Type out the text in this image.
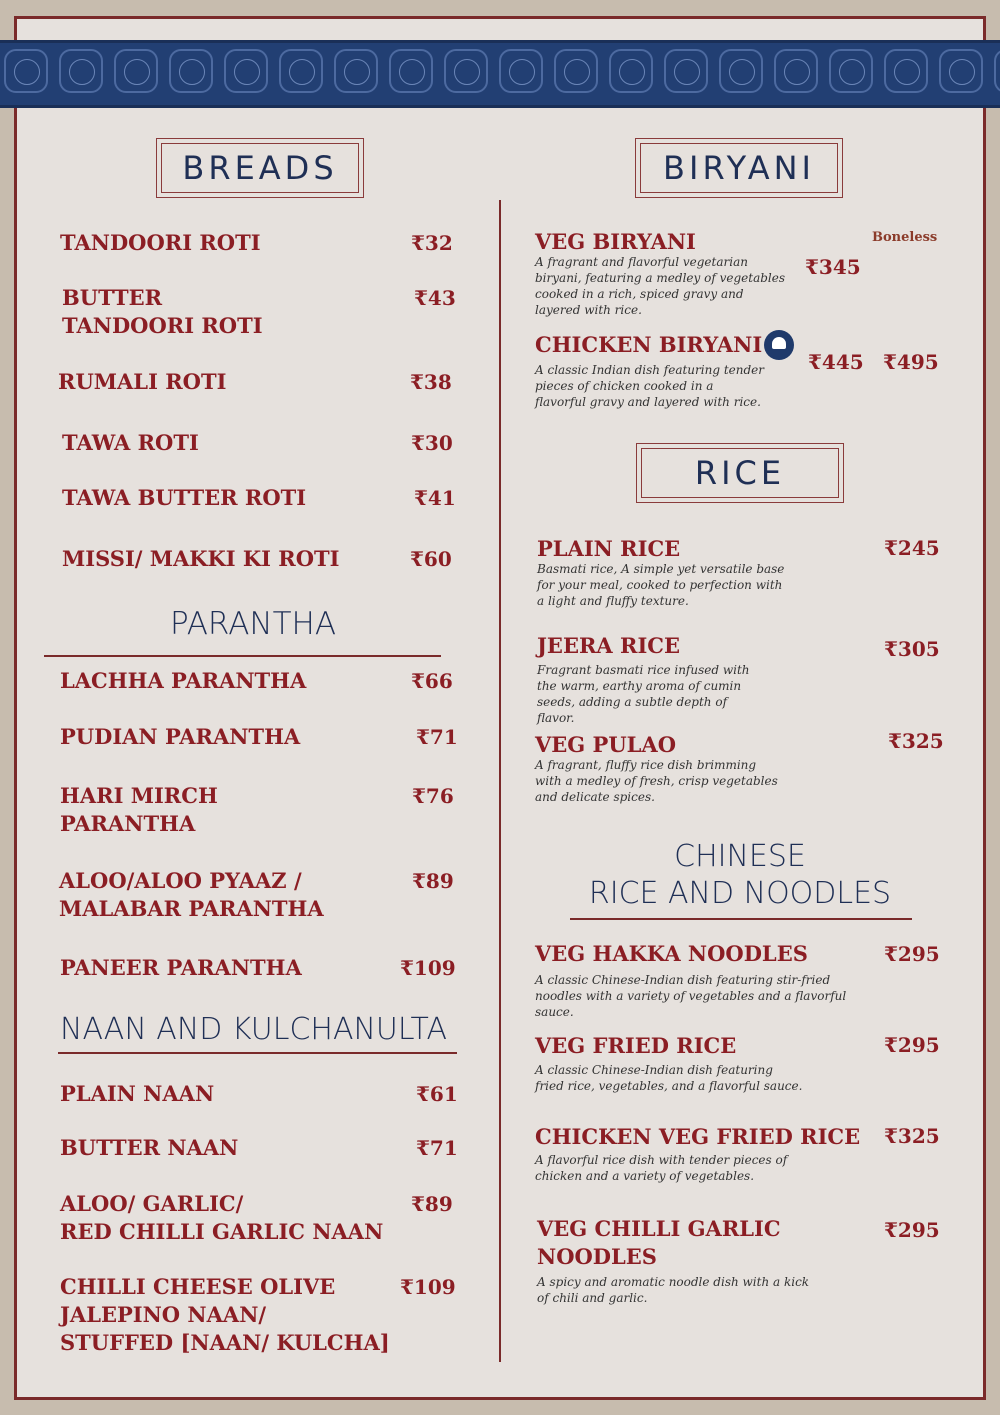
BREADS
TANDOORI ROTI	₹32
BUTTER
TANDOORI ROTI
₹43
RUMALI ROTI	₹38
TAWA ROTI	₹30
TAWA BUTTER ROTI	₹41
MISSI/ MAKKI KI ROTI	₹60
PARANTHA
LACHHA PARANTHA	₹66
PUDIAN PARANTHA	₹71
HARI MIRCH
PARANTHA
₹76
ALOO/ALOO PYAAZ /
MALABAR PARANTHA
₹89
PANEER PARANTHA	₹109
NAAN AND KULCHANULTA
PLAIN NAAN	₹61
BUTTER NAAN	₹71
ALOO/ GARLIC/
RED CHILLI GARLIC NAAN
₹89
CHILLI CHEESE OLIVE
JALEPINO NAAN/
STUFFED [NAAN/ KULCHA]
₹109
BIRYANI
Boneless
VEG BIRYANI
A fragrant and flavorful vegetarian biryani, featuring a medley of vegetables cooked in a rich, spiced gravy and layered with rice.
₹345
CHICKEN BIRYANI
A classic Indian dish featuring tender pieces of chicken cooked in a flavorful gravy and layered with rice.
₹445 ₹495
RICE
PLAIN RICE
Basmati rice, A simple yet versatile base for your meal, cooked to perfection with a light and fluffy texture.
₹245
JEERA RICE
Fragrant basmati rice infused with the warm, earthy aroma of cumin seeds, adding a subtle depth of flavor.
₹305
VEG PULAO
A fragrant, fluffy rice dish brimming with a medley of fresh, crisp vegetables and delicate spices.
₹325
CHINESE
RICE AND NOODLES
VEG HAKKA NOODLES
A classic Chinese-Indian dish featuring stir-fried noodles with a variety of vegetables and a flavorful sauce.
₹295
VEG FRIED RICE
A classic Chinese-Indian dish featuring fried rice, vegetables, and a flavorful sauce.
₹295
CHICKEN VEG FRIED RICE
A flavorful rice dish with tender pieces of chicken and a variety of vegetables.
₹325
VEG CHILLI GARLIC
NOODLES
A spicy and aromatic noodle dish with a kick of chili and garlic.
₹295
